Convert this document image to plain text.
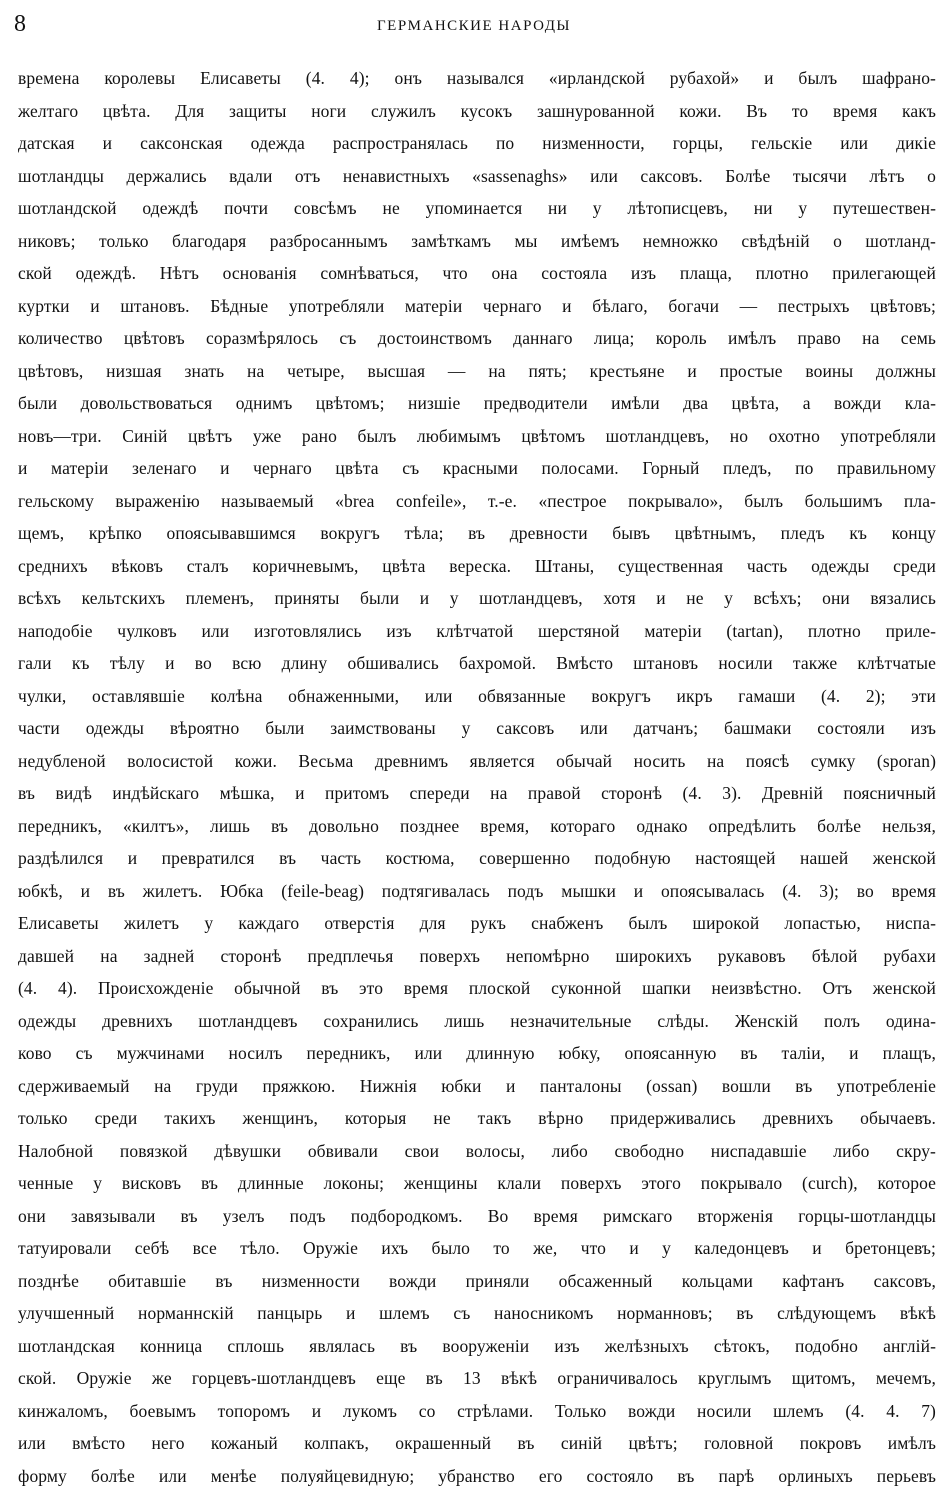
8	ГЕРМАНСКИЕ НАРОДЫ
времена королевы Елисаветы (4. 4); онъ назывался «ирландской рубахой» и былъ шафрано-
желтаго цвѣта. Для защиты ноги служилъ кусокъ зашнурованной кожи. Въ то время какъ
датская и саксонская одежда распространялась по низменности, горцы, гельскіе или дикіе
шотландцы держались вдали отъ ненавистныхъ «sassenaghs» или саксовъ. Болѣе тысячи лѣтъ о
шотландской одеждѣ почти совсѣмъ не упоминается ни у лѣтописцевъ, ни у путешествен-
никовъ; только благодаря разбросаннымъ замѣткамъ мы имѣемъ немножко свѣдѣній о шотланд-
ской одеждѣ. Нѣтъ основанія сомнѣваться, что она состояла изъ плаща, плотно прилегающей
куртки и штановъ. Бѣдные употребляли матеріи чернаго и бѣлаго, богачи — пестрыхъ цвѣтовъ;
количество цвѣтовъ соразмѣрялось съ достоинствомъ даннаго лица; король имѣлъ право на семь
цвѣтовъ, низшая знать на четыре, высшая — на пять; крестьяне и простые воины должны
были довольствоваться однимъ цвѣтомъ; низшіе предводители имѣли два цвѣта, а вожди кла-
новъ—три. Синій цвѣтъ уже рано былъ любимымъ цвѣтомъ шотландцевъ, но охотно употребляли
и матеріи зеленаго и чернаго цвѣта съ красными полосами. Горный пледъ, по правильному
гельскому выраженію называемый «brea confeile», т.-е. «пестрое покрывало», былъ большимъ пла-
щемъ, крѣпко опоясывавшимся вокругъ тѣла; въ древности бывъ цвѣтнымъ, пледъ къ концу
среднихъ вѣковъ сталъ коричневымъ, цвѣта вереска. Штаны, существенная часть одежды среди
всѣхъ кельтскихъ племенъ, приняты были и у шотландцевъ, хотя и не у всѣхъ; они вязались
наподобіе чулковъ или изготовлялись изъ клѣтчатой шерстяной матеріи (tartan), плотно прилe-
гали къ тѣлу и во всю длину обшивались бахромой. Вмѣсто штановъ носили также клѣтчатые
чулки, оставлявшіе колѣна обнаженными, или обвязанные вокругъ икръ гамаши (4. 2); эти
части одежды вѣроятно были заимствованы у саксовъ или датчанъ; башмаки состояли изъ
недубленой волосистой кожи. Весьма древнимъ является обычай носить на поясѣ сумку (sporan)
въ видѣ индѣйскаго мѣшка, и притомъ спереди на правой сторонѣ (4. 3). Древній поясничный
передникъ, «килтъ», лишь въ довольно позднее время, котораго однако опредѣлить болѣе нельзя,
раздѣлился и превратился въ часть костюма, совершенно подобную настоящей нашей женской
юбкѣ, и въ жилетъ. Юбка (feile-beag) подтягивалась подъ мышки и опоясывалась (4. 3); во время
Елисаветы жилетъ у каждаго отверстія для рукъ снабженъ былъ широкой лопастью, ниспа-
давшей на задней сторонѣ предплечья поверхъ непомѣрно широкихъ рукавовъ бѣлой рубахи
(4. 4). Происхожденіе обычной въ это время плоской суконной шапки неизвѣстно. Отъ женской
одежды древнихъ шотландцевъ сохранились лишь незначительные слѣды. Женскій полъ одина-
ково съ мужчинами носилъ передникъ, или длинную юбку, опоясанную въ таліи, и плащъ,
сдерживаемый на груди пряжкою. Нижнія юбки и панталоны (ossan) вошли въ употребленіе
только среди такихъ женщинъ, которыя не такъ вѣрно придерживались древнихъ обычаевъ.
Налобной повязкой дѣвушки обвивали свои волосы, либо свободно ниспадавшіе либо скру-
ченные у висковъ въ длинные локоны; женщины клали поверхъ этого покрывало (curch), которое
они завязывали въ узелъ подъ подбородкомъ. Во время римскаго вторженія горцы-шотландцы
татуировали себѣ все тѣло. Оружіе ихъ было то же, что и у каледонцевъ и бретонцевъ;
позднѣе обитавшіе въ низменности вожди приняли обсаженный кольцами кафтанъ саксовъ,
улучшенный норманнскій панцырь и шлемъ съ наносникомъ норманновъ; въ слѣдующемъ вѣкѣ
шотландская конница сплошь являлась въ вооруженіи изъ желѣзныхъ сѣтокъ, подобно англій-
ской. Оружіе же горцевъ-шотландцевъ еще въ 13 вѣкѣ ограничивалось круглымъ щитомъ, мечемъ,
кинжаломъ, боевымъ топоромъ и лукомъ со стрѣлами. Только вожди носили шлемъ (4. 4. 7)
или вмѣсто него кожаный колпакъ, окрашенный въ синій цвѣтъ; головной покровъ имѣлъ
форму болѣе или менѣе полуяйцевидную; убранство его состояло въ парѣ орлиныхъ перьевъ
